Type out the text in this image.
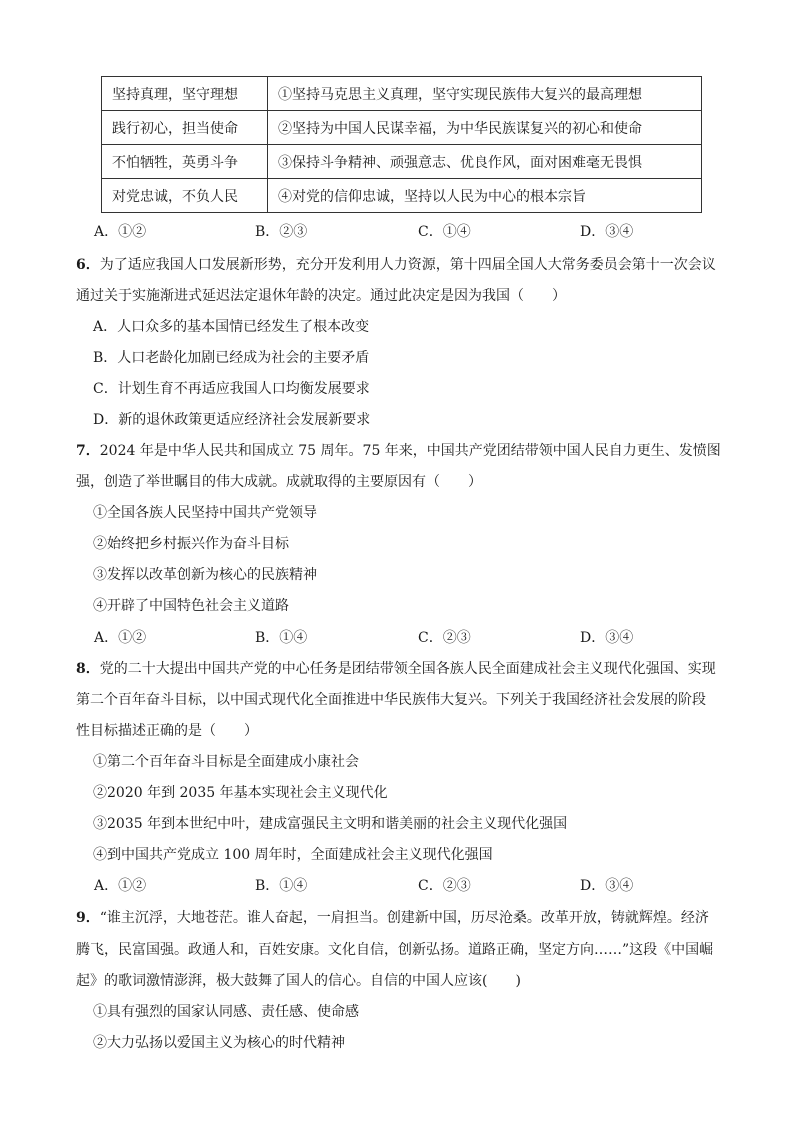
坚持真理，坚守理想	①坚持马克思主义真理，坚守实现民族伟大复兴的最高理想
践行初心，担当使命	②坚持为中国人民谋幸福，为中华民族谋复兴的初心和使命
不怕牺牲，英勇斗争	③保持斗争精神、顽强意志、优良作风，面对困难毫无畏惧
对党忠诚，不负人民	④对党的信仰忠诚，坚持以人民为中心的根本宗旨
A．①②	B．②③	C．①④	D．③④
6．为了适应我国人口发展新形势，充分开发利用人力资源，第十四届全国人大常务委员会第十一次会议
通过关于实施渐进式延迟法定退休年龄的决定。通过此决定是因为我国（　　）
A．人口众多的基本国情已经发生了根本改变
B．人口老龄化加剧已经成为社会的主要矛盾
C．计划生育不再适应我国人口均衡发展要求
D．新的退休政策更适应经济社会发展新要求
7．2024 年是中华人民共和国成立 75 周年。75 年来，中国共产党团结带领中国人民自力更生、发愤图
强，创造了举世瞩目的伟大成就。成就取得的主要原因有（　　）
①全国各族人民坚持中国共产党领导
②始终把乡村振兴作为奋斗目标
③发挥以改革创新为核心的民族精神
④开辟了中国特色社会主义道路
A．①②	B．①④	C．②③	D．③④
8．党的二十大提出中国共产党的中心任务是团结带领全国各族人民全面建成社会主义现代化强国、实现
第二个百年奋斗目标，以中国式现代化全面推进中华民族伟大复兴。下列关于我国经济社会发展的阶段
性目标描述正确的是（　　）
①第二个百年奋斗目标是全面建成小康社会
②2020 年到 2035 年基本实现社会主义现代化
③2035 年到本世纪中叶，建成富强民主文明和谐美丽的社会主义现代化强国
④到中国共产党成立 100 周年时，全面建成社会主义现代化强国
A．①②	B．①④	C．②③	D．③④
9．“谁主沉浮，大地苍茫。谁人奋起，一肩担当。创建新中国，历尽沧桑。改革开放，铸就辉煌。经济
腾飞，民富国强。政通人和，百姓安康。文化自信，创新弘扬。道路正确，坚定方向……”这段《中国崛
起》的歌词激情澎湃，极大鼓舞了国人的信心。自信的中国人应该(　　)
①具有强烈的国家认同感、责任感、使命感
②大力弘扬以爱国主义为核心的时代精神
